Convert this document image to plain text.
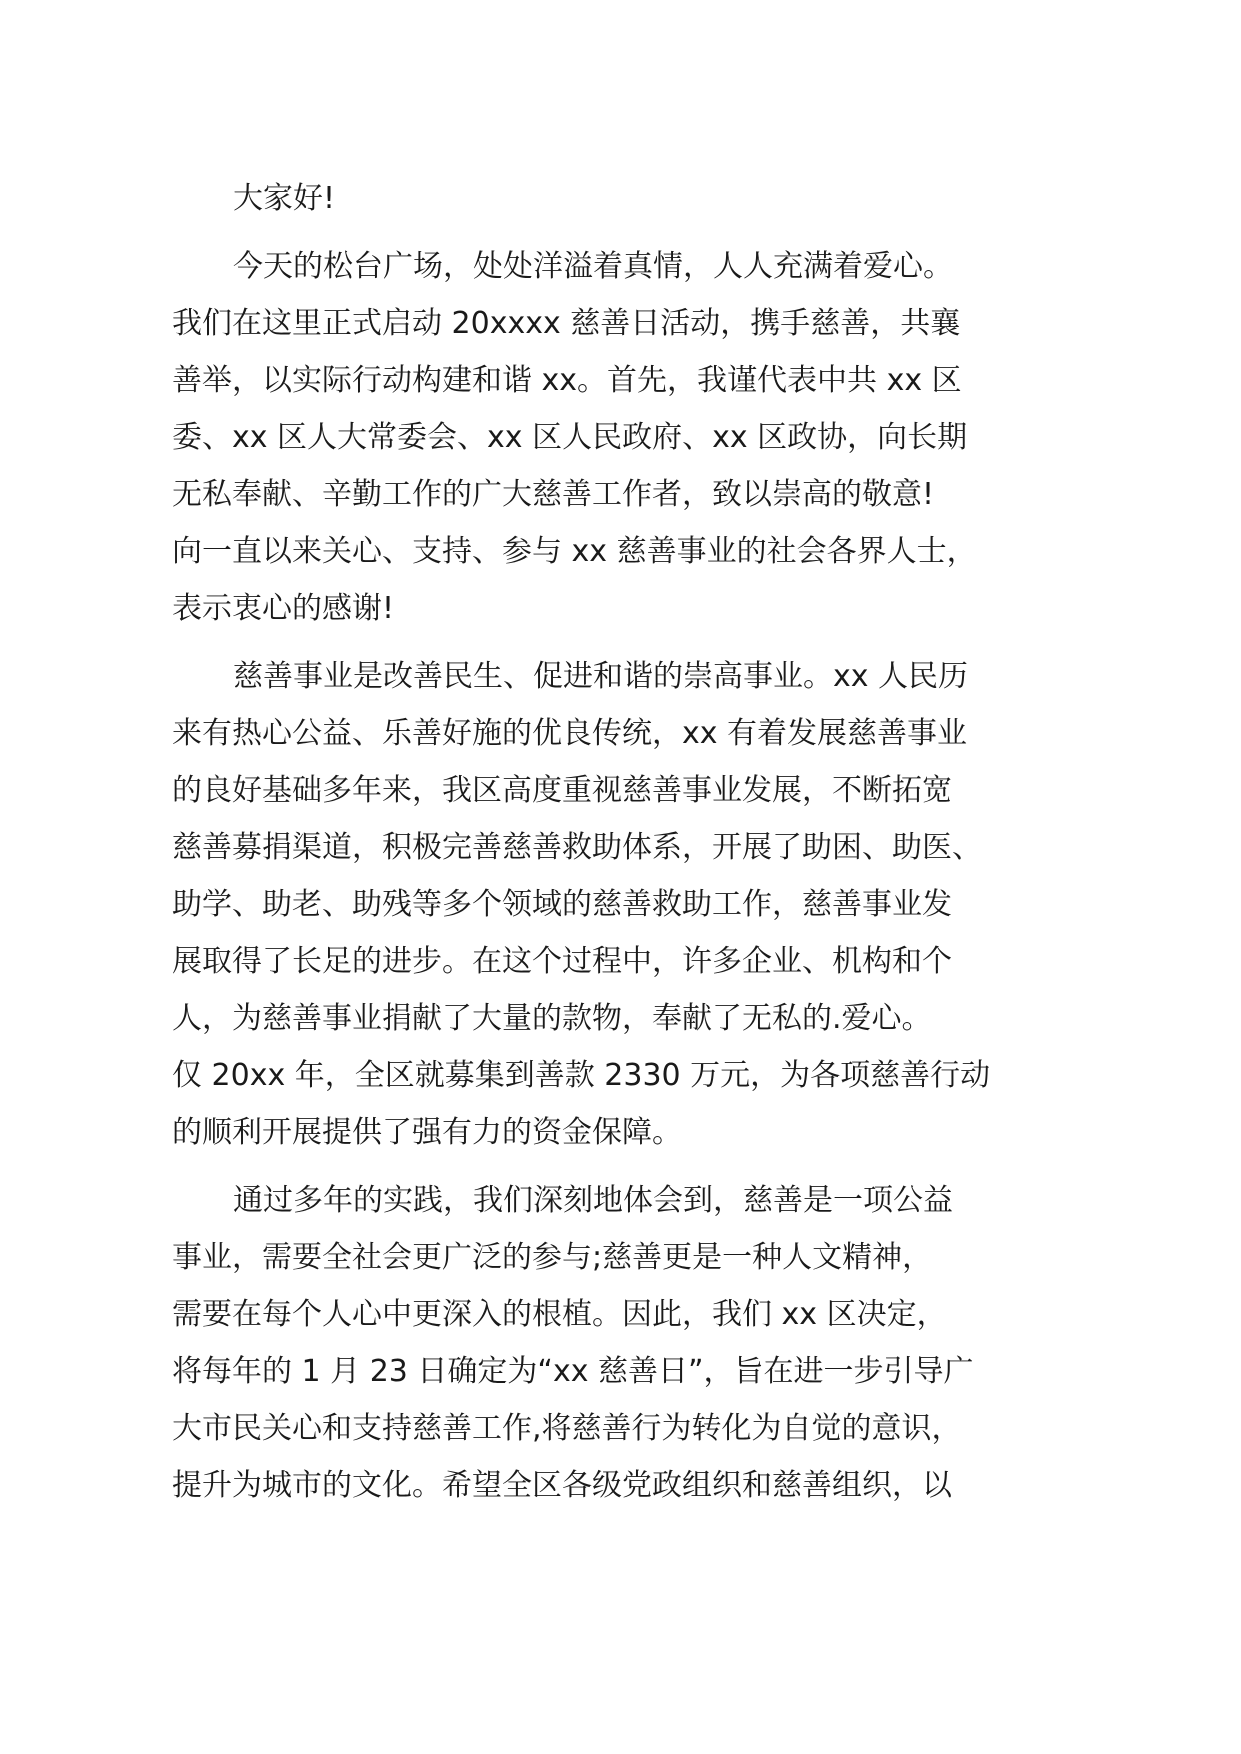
大家好!
今天的松台广场，处处洋溢着真情，人人充满着爱心。
我们在这里正式启动 20xxxx 慈善日活动，携手慈善，共襄
善举，以实际行动构建和谐 xx。首先，我谨代表中共 xx 区
委、xx 区人大常委会、xx 区人民政府、xx 区政协，向长期
无私奉献、辛勤工作的广大慈善工作者，致以崇高的敬意!
向一直以来关心、支持、参与 xx 慈善事业的社会各界人士，
表示衷心的感谢!
慈善事业是改善民生、促进和谐的崇高事业。xx 人民历
来有热心公益、乐善好施的优良传统，xx 有着发展慈善事业
的良好基础多年来，我区高度重视慈善事业发展，不断拓宽
慈善募捐渠道，积极完善慈善救助体系，开展了助困、助医、
助学、助老、助残等多个领域的慈善救助工作，慈善事业发
展取得了长足的进步。在这个过程中，许多企业、机构和个
人，为慈善事业捐献了大量的款物，奉献了无私的.爱心。
仅 20xx 年，全区就募集到善款 2330 万元，为各项慈善行动
的顺利开展提供了强有力的资金保障。
通过多年的实践，我们深刻地体会到，慈善是一项公益
事业，需要全社会更广泛的参与;慈善更是一种人文精神，
需要在每个人心中更深入的根植。因此，我们 xx 区决定，
将每年的 1 月 23 日确定为“xx 慈善日”，旨在进一步引导广
大市民关心和支持慈善工作,将慈善行为转化为自觉的意识，
提升为城市的文化。希望全区各级党政组织和慈善组织，以
